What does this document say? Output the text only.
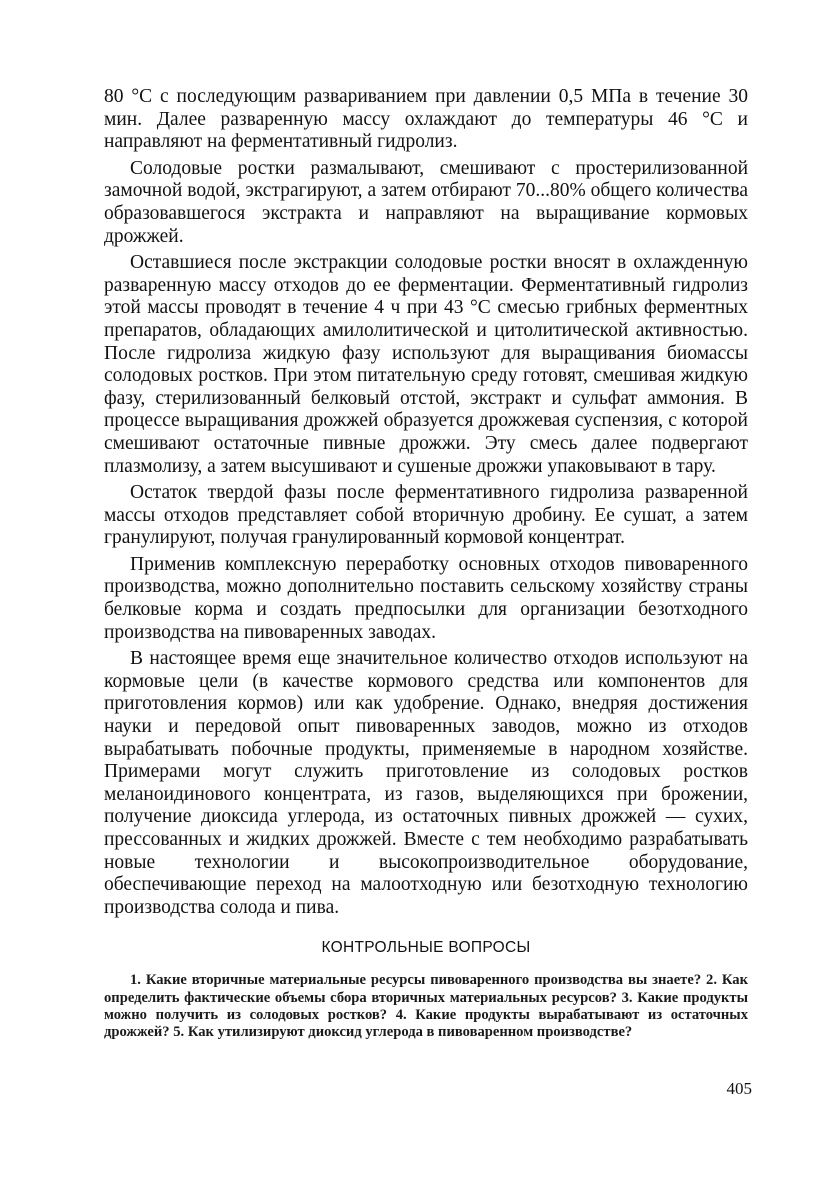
80 °C с последующим развариванием при давлении 0,5 МПа в течение 30 мин. Далее разваренную массу охлаждают до температуры 46 °C и направляют на ферментативный гидролиз.

Солодовые ростки размалывают, смешивают с простерилизованной замочной водой, экстрагируют, а затем отбирают 70...80% общего количества образовавшегося экстракта и направляют на выращивание кормовых дрожжей.

Оставшиеся после экстракции солодовые ростки вносят в охлажденную разваренную массу отходов до ее ферментации. Ферментативный гидролиз этой массы проводят в течение 4 ч при 43 °C смесью грибных ферментных препаратов, обладающих амилолитической и цитолитической активностью. После гидролиза жидкую фазу используют для выращивания биомассы солодовых ростков. При этом питательную среду готовят, смешивая жидкую фазу, стерилизованный белковый отстой, экстракт и сульфат аммония. В процессе выращивания дрожжей образуется дрожжевая суспензия, с которой смешивают остаточные пивные дрожжи. Эту смесь далее подвергают плазмолизу, а затем высушивают и сушеные дрожжи упаковывают в тару.

Остаток твердой фазы после ферментативного гидролиза разваренной массы отходов представляет собой вторичную дробину. Ее сушат, а затем гранулируют, получая гранулированный кормовой концентрат.

Применив комплексную переработку основных отходов пивоваренного производства, можно дополнительно поставить сельскому хозяйству страны белковые корма и создать предпосылки для организации безотходного производства на пивоваренных заводах.

В настоящее время еще значительное количество отходов используют на кормовые цели (в качестве кормового средства или компонентов для приготовления кормов) или как удобрение. Однако, внедряя достижения науки и передовой опыт пивоваренных заводов, можно из отходов вырабатывать побочные продукты, применяемые в народном хозяйстве. Примерами могут служить приготовление из солодовых ростков меланоидинового концентрата, из газов, выделяющихся при брожении, получение диоксида углерода, из остаточных пивных дрожжей — сухих, прессованных и жидких дрожжей. Вместе с тем необходимо разрабатывать новые технологии и высокопроизводительное оборудование, обеспечивающие переход на малоотходную или безотходную технологию производства солода и пива.

КОНТРОЛЬНЫЕ ВОПРОСЫ

1. Какие вторичные материальные ресурсы пивоваренного производства вы знаете? 2. Как определить фактические объемы сбора вторичных материальных ресурсов? 3. Какие продукты можно получить из солодовых ростков? 4. Какие продукты вырабатывают из остаточных дрожжей? 5. Как утилизируют диоксид углерода в пивоваренном производстве?

405
